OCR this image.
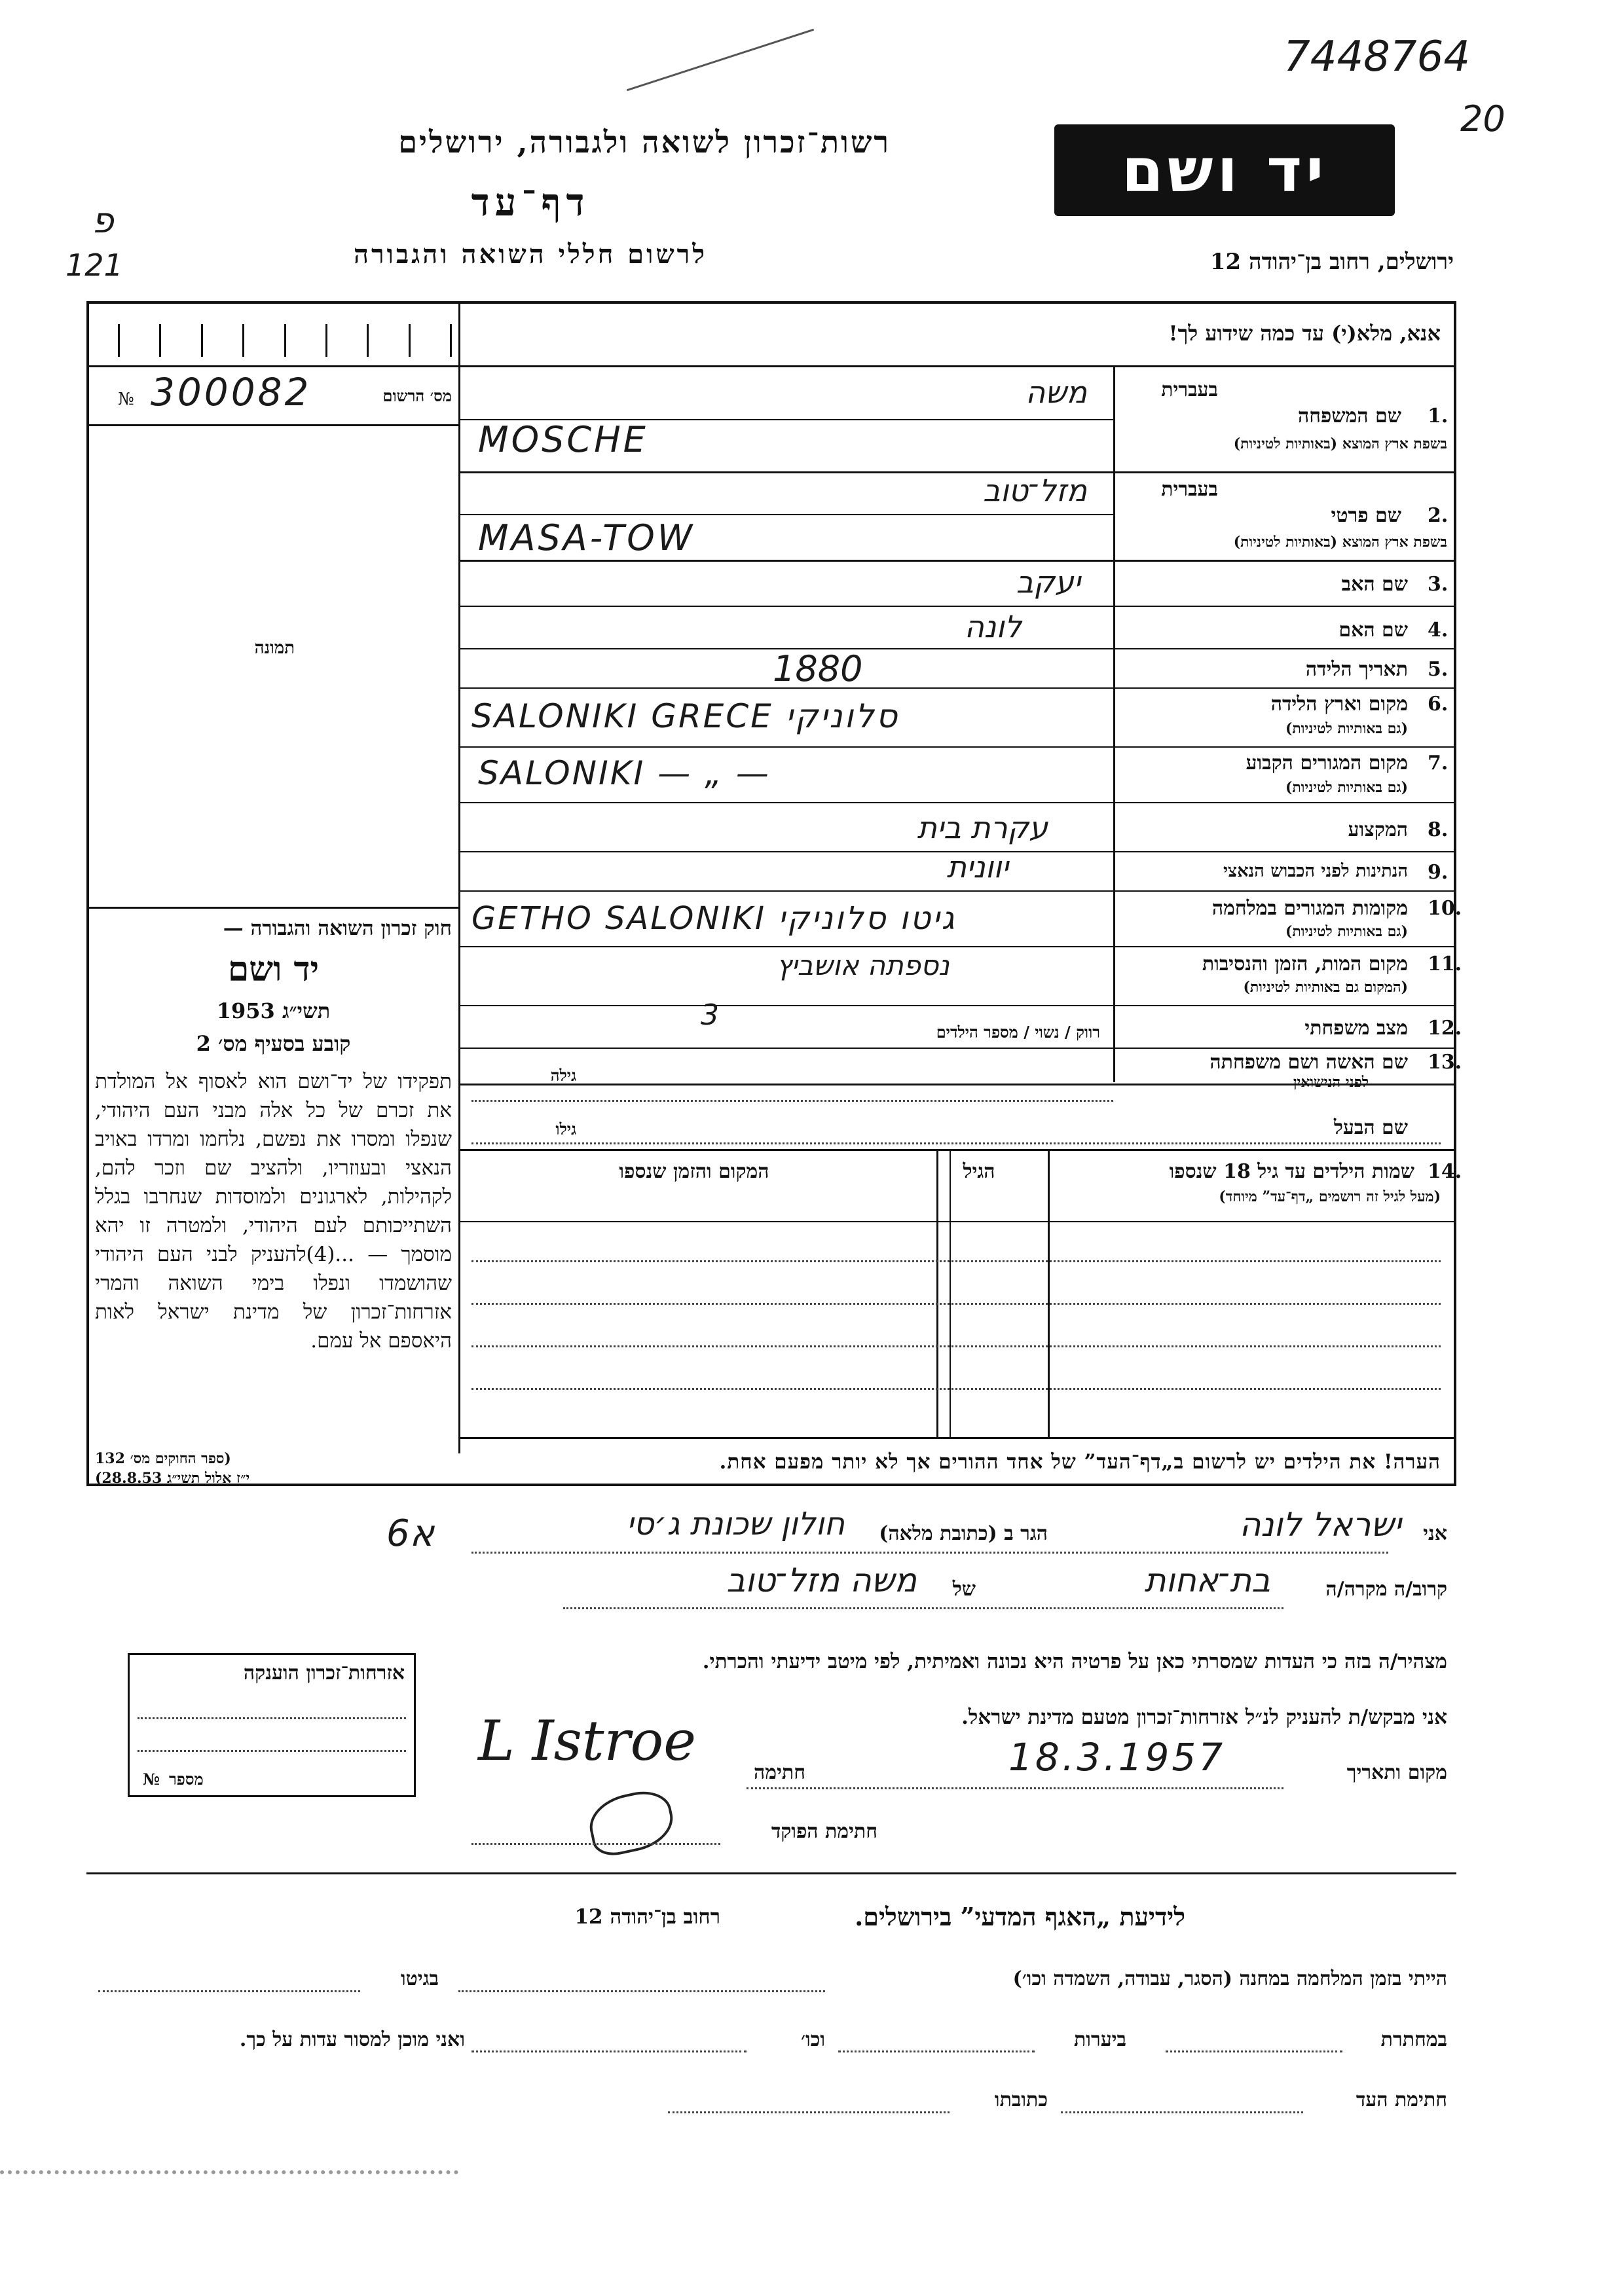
7448764
20
רשות־זכרון לשואה ולגבורה, ירושלים
דף־עד
לרשום חללי השואה והגבורה
יד ושם
ירושלים, רחוב בן־יהודה 12
פ
121
אנא, מלא(י) עד כמה שידוע לך!
מס׳ הרשום
300082
№
תמונה
חוק זכרון השואה והגבורה —
יד ושם
תשי״ג 1953
קובע בסעיף מס׳ 2
תפקידו של יד־ושם הוא לאסוף אל המולדת את זכרם של כל אלה מבני העם היהודי, שנפלו ומסרו את נפשם, נלחמו ומרדו באויב הנאצי ובעוזריו, ולהציב שם וזכר להם, לקהילות, לארגונים ולמוסדות שנחרבו בגלל השתייכותם לעם היהודי, ולמטרה זו יהא מוסמך — ...(4)להעניק לבני העם היהודי שהושמדו ונפלו בימי השואה והמרי אזרחות־זכרון של מדינת ישראל לאות היאספם אל עמם.
(ספר החוקים מס׳ 132
י״ז אלול תשי״ג 28.8.53)
בעברית
שם המשפחה 1.
בשפת ארץ המוצא (באותיות לטיניות)
משה
MOSCHE
בעברית
שם פרטי 2.
בשפת ארץ המוצא (באותיות לטיניות)
מזל־טוב
MASA-TOW
שם האב 3.
יעקב
שם האם 4.
לונה
תאריך הלידה 5.
1880
מקום וארץ הלידה 6.
(גם באותיות לטיניות)
SALONIKI GRECE סלוניקי
מקום המגורים הקבוע 7.
(גם באותיות לטיניות)
SALONIKI — „ —
המקצוע 8.
עקרת בית
הנתינות לפני הכבוש הנאצי 9.
יוונית
מקומות המגורים במלחמה 10.
(גם באותיות לטיניות)
GETHO SALONIKI גיטו סלוניקי
מקום המות, הזמן והנסיבות 11.
(המקום גם באותיות לטיניות)
נספתה אושביץ
מצב משפחתי 12.
רווק / נשוי / מספר הילדים
3
שם האשה ושם משפחתה 13.
לפני הנישואין
גילה
שם הבעל
גילו
14.
שמות הילדים עד גיל 18 שנספו
(מעל לגיל זה רושמים „דף־עד” מיוחד)
הגיל
המקום והזמן שנספו
הערה! את הילדים יש לרשום ב„דף־העד” של אחד ההורים אך לא יותר מפעם אחת.
א6	אני
ישראל לונה
הגר ב (כתובת מלאה)
חולון שכונת ג׳סי
קרוב/ה מקרה/ה
בת־אחות
של
משה מזל־טוב
מצהיר/ה בזה כי העדות שמסרתי כאן על פרטיה היא נכונה ואמיתית, לפי מיטב ידיעתי והכרתי.
אני מבקש/ת להעניק לנ״ל אזרחות־זכרון מטעם מדינת ישראל.
מקום ותאריך
18.3.1957
חתימה
L Istroe
חתימת הפוקד
אזרחות־זכרון הוענקה
מספר
№
לידיעת „האגף המדעי” בירושלים.
רחוב בן־יהודה 12
הייתי בזמן המלחמה במחנה (הסגר, עבודה, השמדה וכו׳)
בגיטו
במחתרת
ביערות
וכו׳
ואני מוכן למסור עדות על כך.
חתימת העד
כתובתו
